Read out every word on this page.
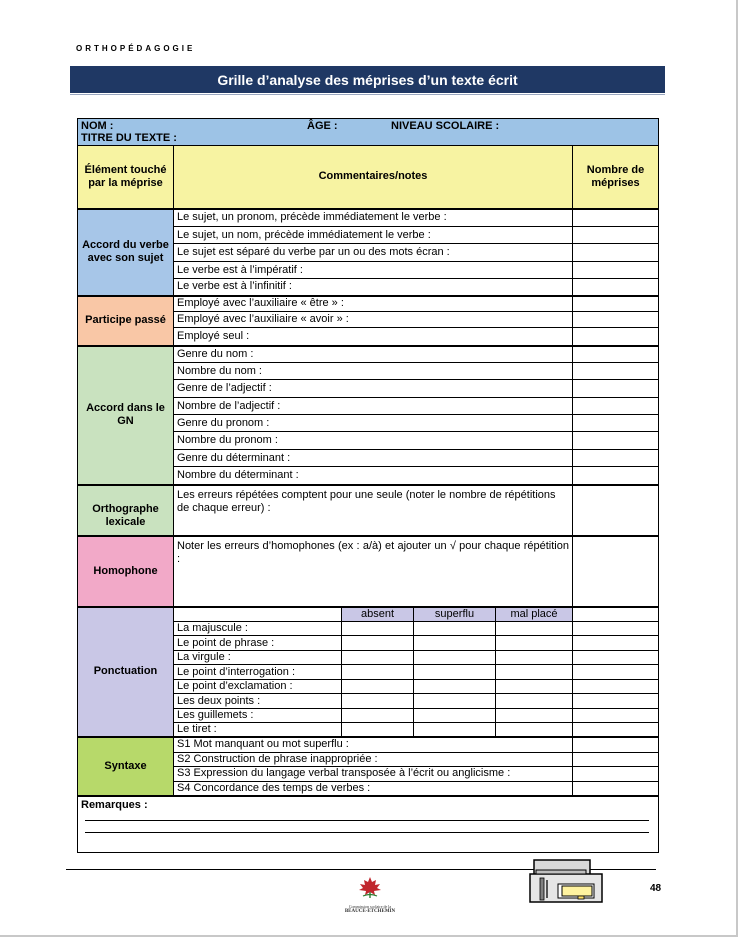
ORTHOPÉDAGOGIE
Grille d’analyse des méprises d’un texte écrit
NOM : ÂGE : NIVEAU SCOLAIRE :
TITRE DU TEXTE :					

Élément touché par la méprise	Commentaires/notes				Nombre de méprises
Accord du verbe avec son sujet	Le sujet, un pronom, précède immédiatement le verbe :				
	Le sujet, un nom, précède immédiatement le verbe :				
	Le sujet est séparé du verbe par un ou des mots écran :				
	Le verbe est à l’impératif :				
	Le verbe est à l’infinitif :				
Participe passé	Employé avec l’auxiliaire « être » :				
	Employé avec l’auxiliaire « avoir » :				
	Employé seul :				
Accord dans le GN	Genre du nom :				
	Nombre du nom :				
	Genre de l’adjectif :				
	Nombre de l’adjectif :				
	Genre du pronom :				
	Nombre du pronom :				
	Genre du déterminant :				
	Nombre du déterminant :				
Orthographe lexicale	Les erreurs répétées comptent pour une seule (noter le nombre de répétitions de chaque erreur) :				
Homophone	Noter les erreurs d’homophones (ex : a/à) et ajouter un √ pour chaque répétition :				
Ponctuation		absent	superflu	mal placé	
	La majuscule :				
	Le point de phrase :				
	La virgule :				
	Le point d’interrogation :				
	Le point d’exclamation :				
	Les deux points :				
	Les guillemets :				
	Le tiret :				
Syntaxe	S1 Mot manquant ou mot superflu :				
	S2 Construction de phrase inappropriée :				
	S3 Expression du langage verbal transposée à l’écrit ou anglicisme :				
	S4 Concordance des temps de verbes :				

Remarques :					
Commission scolaire de la
BEAUCE-ETCHEMIN
48
